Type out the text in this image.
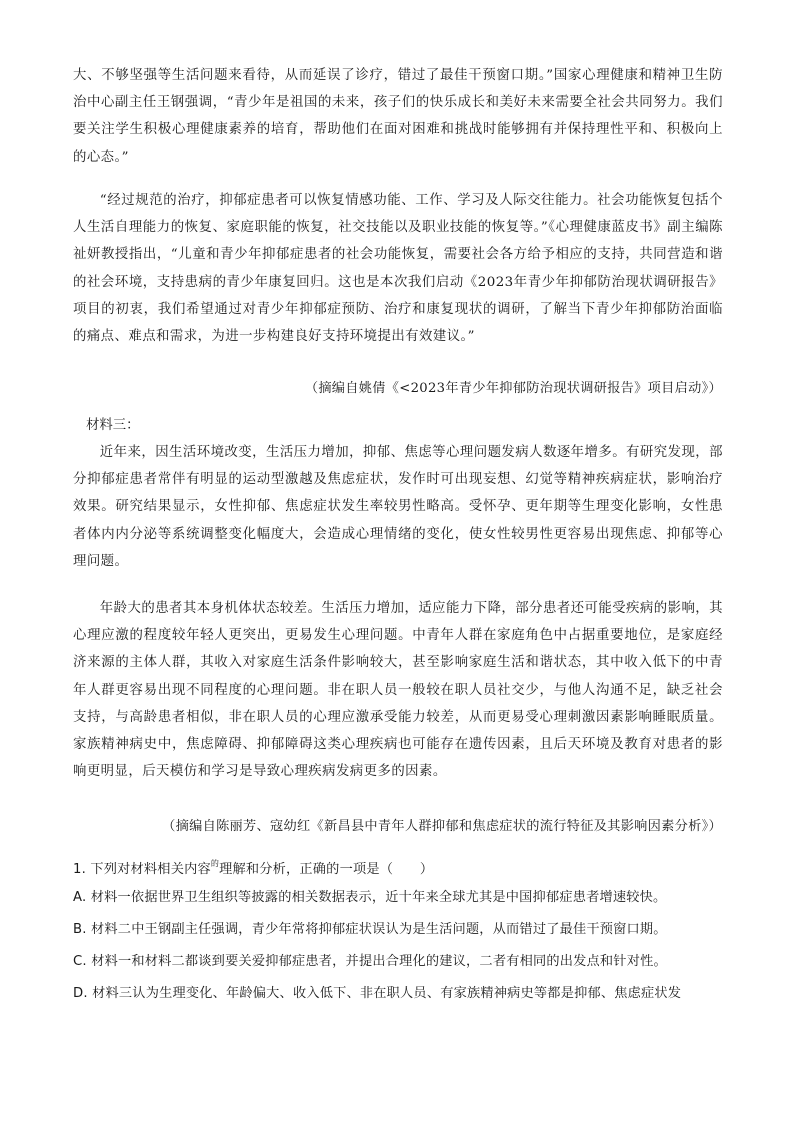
大、不够坚强等生活问题来看待，从而延误了诊疗，错过了最佳干预窗口期。”国家心理健康和精神卫生防治中心副主任王钢强调，“青少年是祖国的未来，孩子们的快乐成长和美好未来需要全社会共同努力。我们要关注学生积极心理健康素养的培育，帮助他们在面对困难和挑战时能够拥有并保持理性平和、积极向上的心态。”

“经过规范的治疗，抑郁症患者可以恢复情感功能、工作、学习及人际交往能力。社会功能恢复包括个人生活自理能力的恢复、家庭职能的恢复，社交技能以及职业技能的恢复等。”《心理健康蓝皮书》副主编陈祉妍教授指出，“儿童和青少年抑郁症患者的社会功能恢复，需要社会各方给予相应的支持，共同营造和谐的社会环境，支持患病的青少年康复回归。这也是本次我们启动《2023年青少年抑郁防治现状调研报告》项目的初衷，我们希望通过对青少年抑郁症预防、治疗和康复现状的调研，了解当下青少年抑郁防治面临的痛点、难点和需求，为进一步构建良好支持环境提出有效建议。”

（摘编自姚倩《<2023年青少年抑郁防治现状调研报告》项目启动》）

材料三：

近年来，因生活环境改变，生活压力增加，抑郁、焦虑等心理问题发病人数逐年增多。有研究发现，部分抑郁症患者常伴有明显的运动型激越及焦虑症状，发作时可出现妄想、幻觉等精神疾病症状，影响治疗效果。研究结果显示，女性抑郁、焦虑症状发生率较男性略高。受怀孕、更年期等生理变化影响，女性患者体内内分泌等系统调整变化幅度大，会造成心理情绪的变化，使女性较男性更容易出现焦虑、抑郁等心理问题。

年龄大的患者其本身机体状态较差。生活压力增加，适应能力下降，部分患者还可能受疾病的影响，其心理应激的程度较年轻人更突出，更易发生心理问题。中青年人群在家庭角色中占据重要地位，是家庭经济来源的主体人群，其收入对家庭生活条件影响较大，甚至影响家庭生活和谐状态，其中收入低下的中青年人群更容易出现不同程度的心理问题。非在职人员一般较在职人员社交少，与他人沟通不足，缺乏社会支持，与高龄患者相似，非在职人员的心理应激承受能力较差，从而更易受心理刺激因素影响睡眠质量。家族精神病史中，焦虑障碍、抑郁障碍这类心理疾病也可能存在遗传因素，且后天环境及教育对患者的影响更明显，后天模仿和学习是导致心理疾病发病更多的因素。

（摘编自陈丽芳、寇幼红《新昌县中青年人群抑郁和焦虑症状的流行特征及其影响因素分析》）

1. 下列对材料相关内容$^的$理解和分析，正确的一项是（　　）

A. 材料一依据世界卫生组织等披露的相关数据表示，近十年来全球尤其是中国抑郁症患者增速较快。

B. 材料二中王钢副主任强调，青少年常将抑郁症状误认为是生活问题，从而错过了最佳干预窗口期。

C. 材料一和材料二都谈到要关爱抑郁症患者，并提出合理化的建议，二者有相同的出发点和针对性。

D. 材料三认为生理变化、年龄偏大、收入低下、非在职人员、有家族精神病史等都是抑郁、焦虑症状发
